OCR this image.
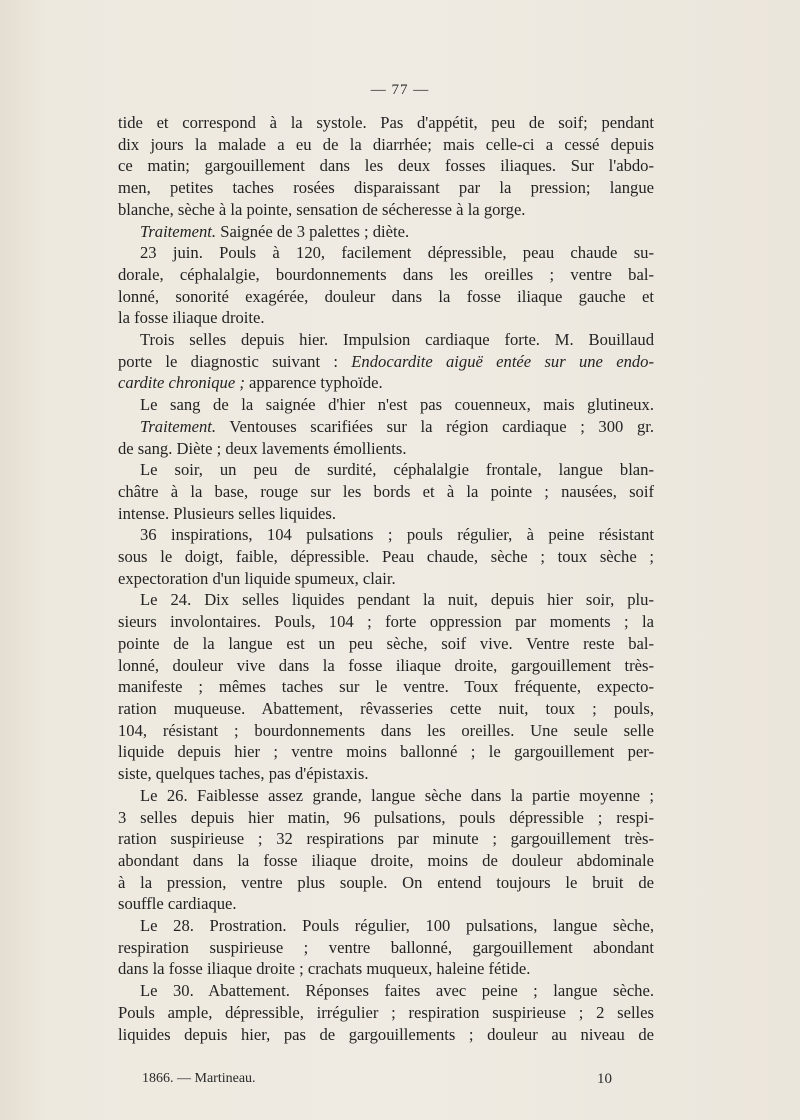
— 77 —
tide et correspond à la systole. Pas d'appétit, peu de soif; pendant
dix jours la malade a eu de la diarrhée; mais celle-ci a cessé depuis
ce matin; gargouillement dans les deux fosses iliaques. Sur l'abdo-
men, petites taches rosées disparaissant par la pression; langue
blanche, sèche à la pointe, sensation de sécheresse à la gorge.
Traitement. Saignée de 3 palettes ; diète.
23 juin. Pouls à 120, facilement dépressible, peau chaude su-
dorale, céphalalgie, bourdonnements dans les oreilles ; ventre bal-
lonné, sonorité exagérée, douleur dans la fosse iliaque gauche et
la fosse iliaque droite.
Trois selles depuis hier. Impulsion cardiaque forte. M. Bouillaud
porte le diagnostic suivant : Endocardite aiguë entée sur une endo-
cardite chronique ; apparence typhoïde.
Le sang de la saignée d'hier n'est pas couenneux, mais glutineux.
Traitement. Ventouses scarifiées sur la région cardiaque ; 300 gr.
de sang. Diète ; deux lavements émollients.
Le soir, un peu de surdité, céphalalgie frontale, langue blan-
châtre à la base, rouge sur les bords et à la pointe ; nausées, soif
intense. Plusieurs selles liquides.
36 inspirations, 104 pulsations ; pouls régulier, à peine résistant
sous le doigt, faible, dépressible. Peau chaude, sèche ; toux sèche ;
expectoration d'un liquide spumeux, clair.
Le 24. Dix selles liquides pendant la nuit, depuis hier soir, plu-
sieurs involontaires. Pouls, 104 ; forte oppression par moments ; la
pointe de la langue est un peu sèche, soif vive. Ventre reste bal-
lonné, douleur vive dans la fosse iliaque droite, gargouillement très-
manifeste ; mêmes taches sur le ventre. Toux fréquente, expecto-
ration muqueuse. Abattement, rêvasseries cette nuit, toux ; pouls,
104, résistant ; bourdonnements dans les oreilles. Une seule selle
liquide depuis hier ; ventre moins ballonné ; le gargouillement per-
siste, quelques taches, pas d'épistaxis.
Le 26. Faiblesse assez grande, langue sèche dans la partie moyenne ;
3 selles depuis hier matin, 96 pulsations, pouls dépressible ; respi-
ration suspirieuse ; 32 respirations par minute ; gargouillement très-
abondant dans la fosse iliaque droite, moins de douleur abdominale
à la pression, ventre plus souple. On entend toujours le bruit de
souffle cardiaque.
Le 28. Prostration. Pouls régulier, 100 pulsations, langue sèche,
respiration suspirieuse ; ventre ballonné, gargouillement abondant
dans la fosse iliaque droite ; crachats muqueux, haleine fétide.
Le 30. Abattement. Réponses faites avec peine ; langue sèche.
Pouls ample, dépressible, irrégulier ; respiration suspirieuse ; 2 selles
liquides depuis hier, pas de gargouillements ; douleur au niveau de
1866. — Martineau.	10
